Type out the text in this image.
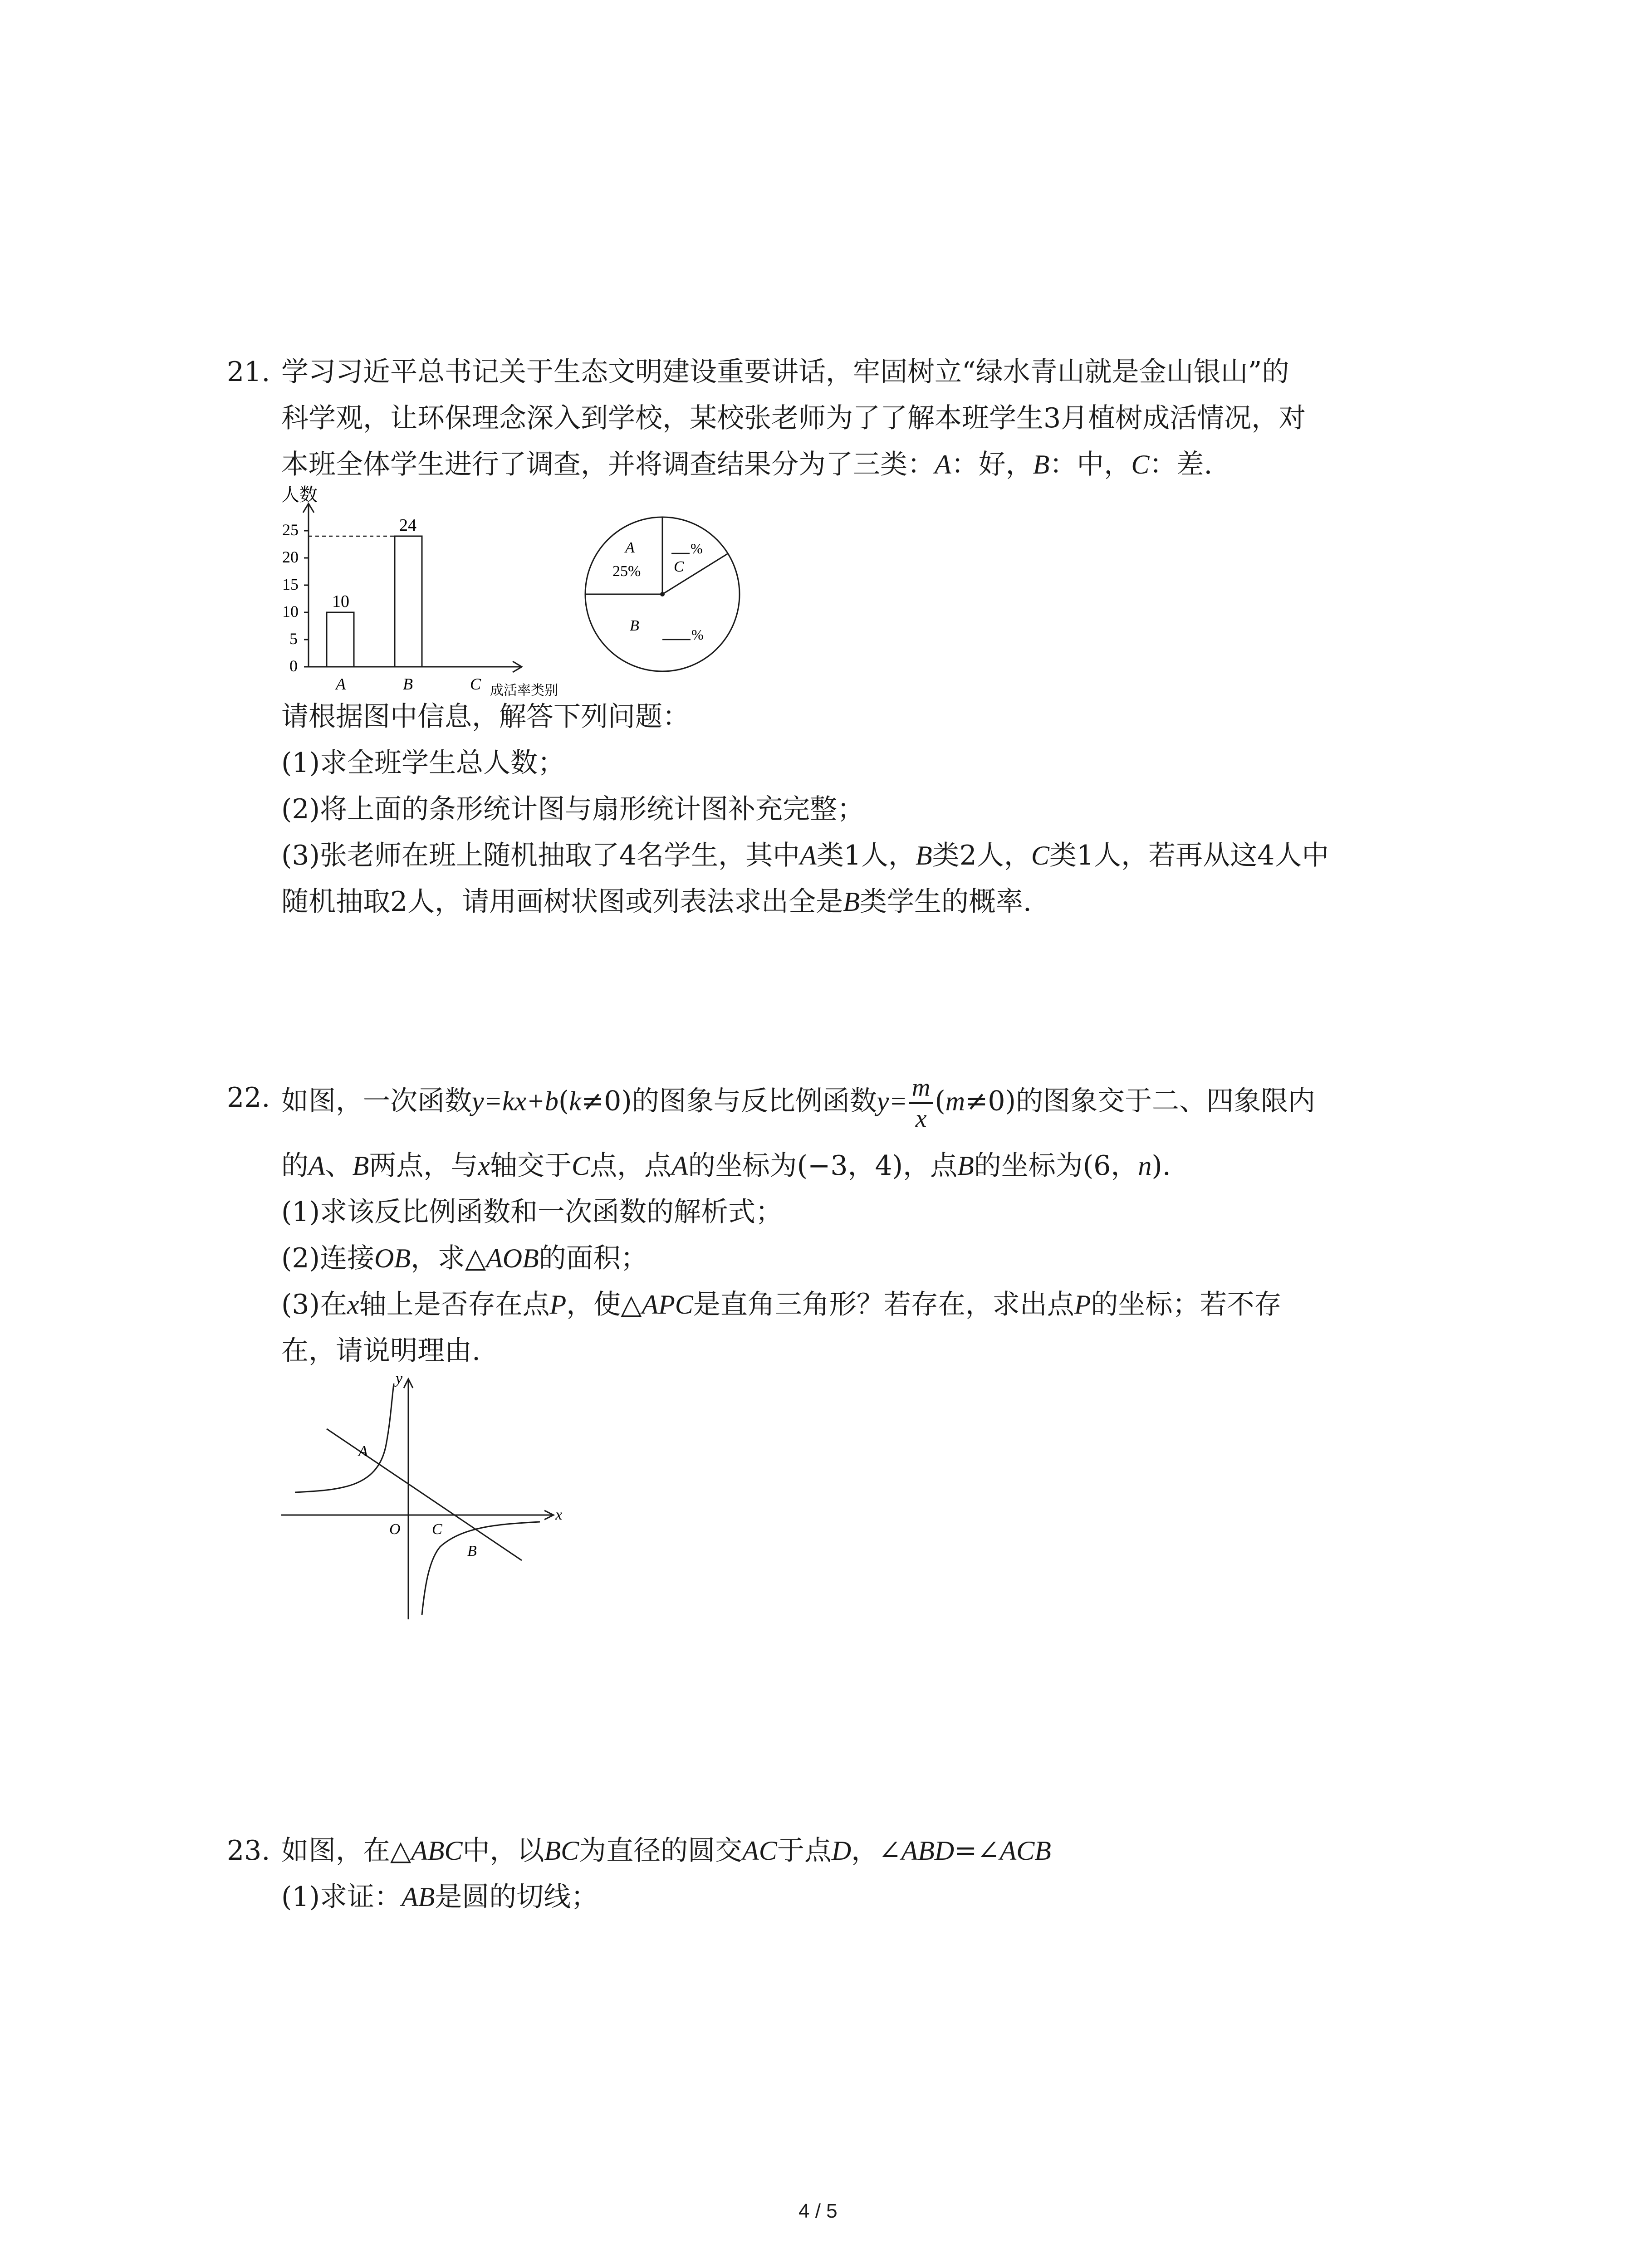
21. 学习习近平总书记关于生态文明建设重要讲话，牢固树立“绿水青山就是金山银山”的
科学观，让环保理念深入到学校，某校张老师为了了解本班学生3月植树成活情况，对
本班全体学生进行了调查，并将调查结果分为了三类：A：好，B：中，C：差.
人数
0
5
10
15
20
25
10
24
A	B	C 成活率类别
A
25%
%
C
B
%
请根据图中信息，解答下列问题：
(1)求全班学生总人数；
(2)将上面的条形统计图与扇形统计图补充完整；
(3)张老师在班上随机抽取了4名学生，其中A类1人，B类2人，C类1人，若再从这4人中
随机抽取2人，请用画树状图或列表法求出全是B类学生的概率.
22. 如图，一次函数y=kx+b(k≠0)的图象与反比例函数$y= \frac{m}{x} (m\ne 0)$的图象交于二、四象限内
的A、B两点，与x轴交于C点，点A的坐标为(−3，4)，点B的坐标为(6，n).
(1)求该反比例函数和一次函数的解析式；
(2)连接OB，求△AOB的面积；
(3)在x轴上是否存在点P，使△APC是直角三角形？若存在，求出点P的坐标；若不存
在，请说明理由.
y
x
A
O C
B
23. 如图，在△ABC中，以BC为直径的圆交AC于点D，∠ABD=∠ACB
(1)求证：AB是圆的切线；
4 / 5
